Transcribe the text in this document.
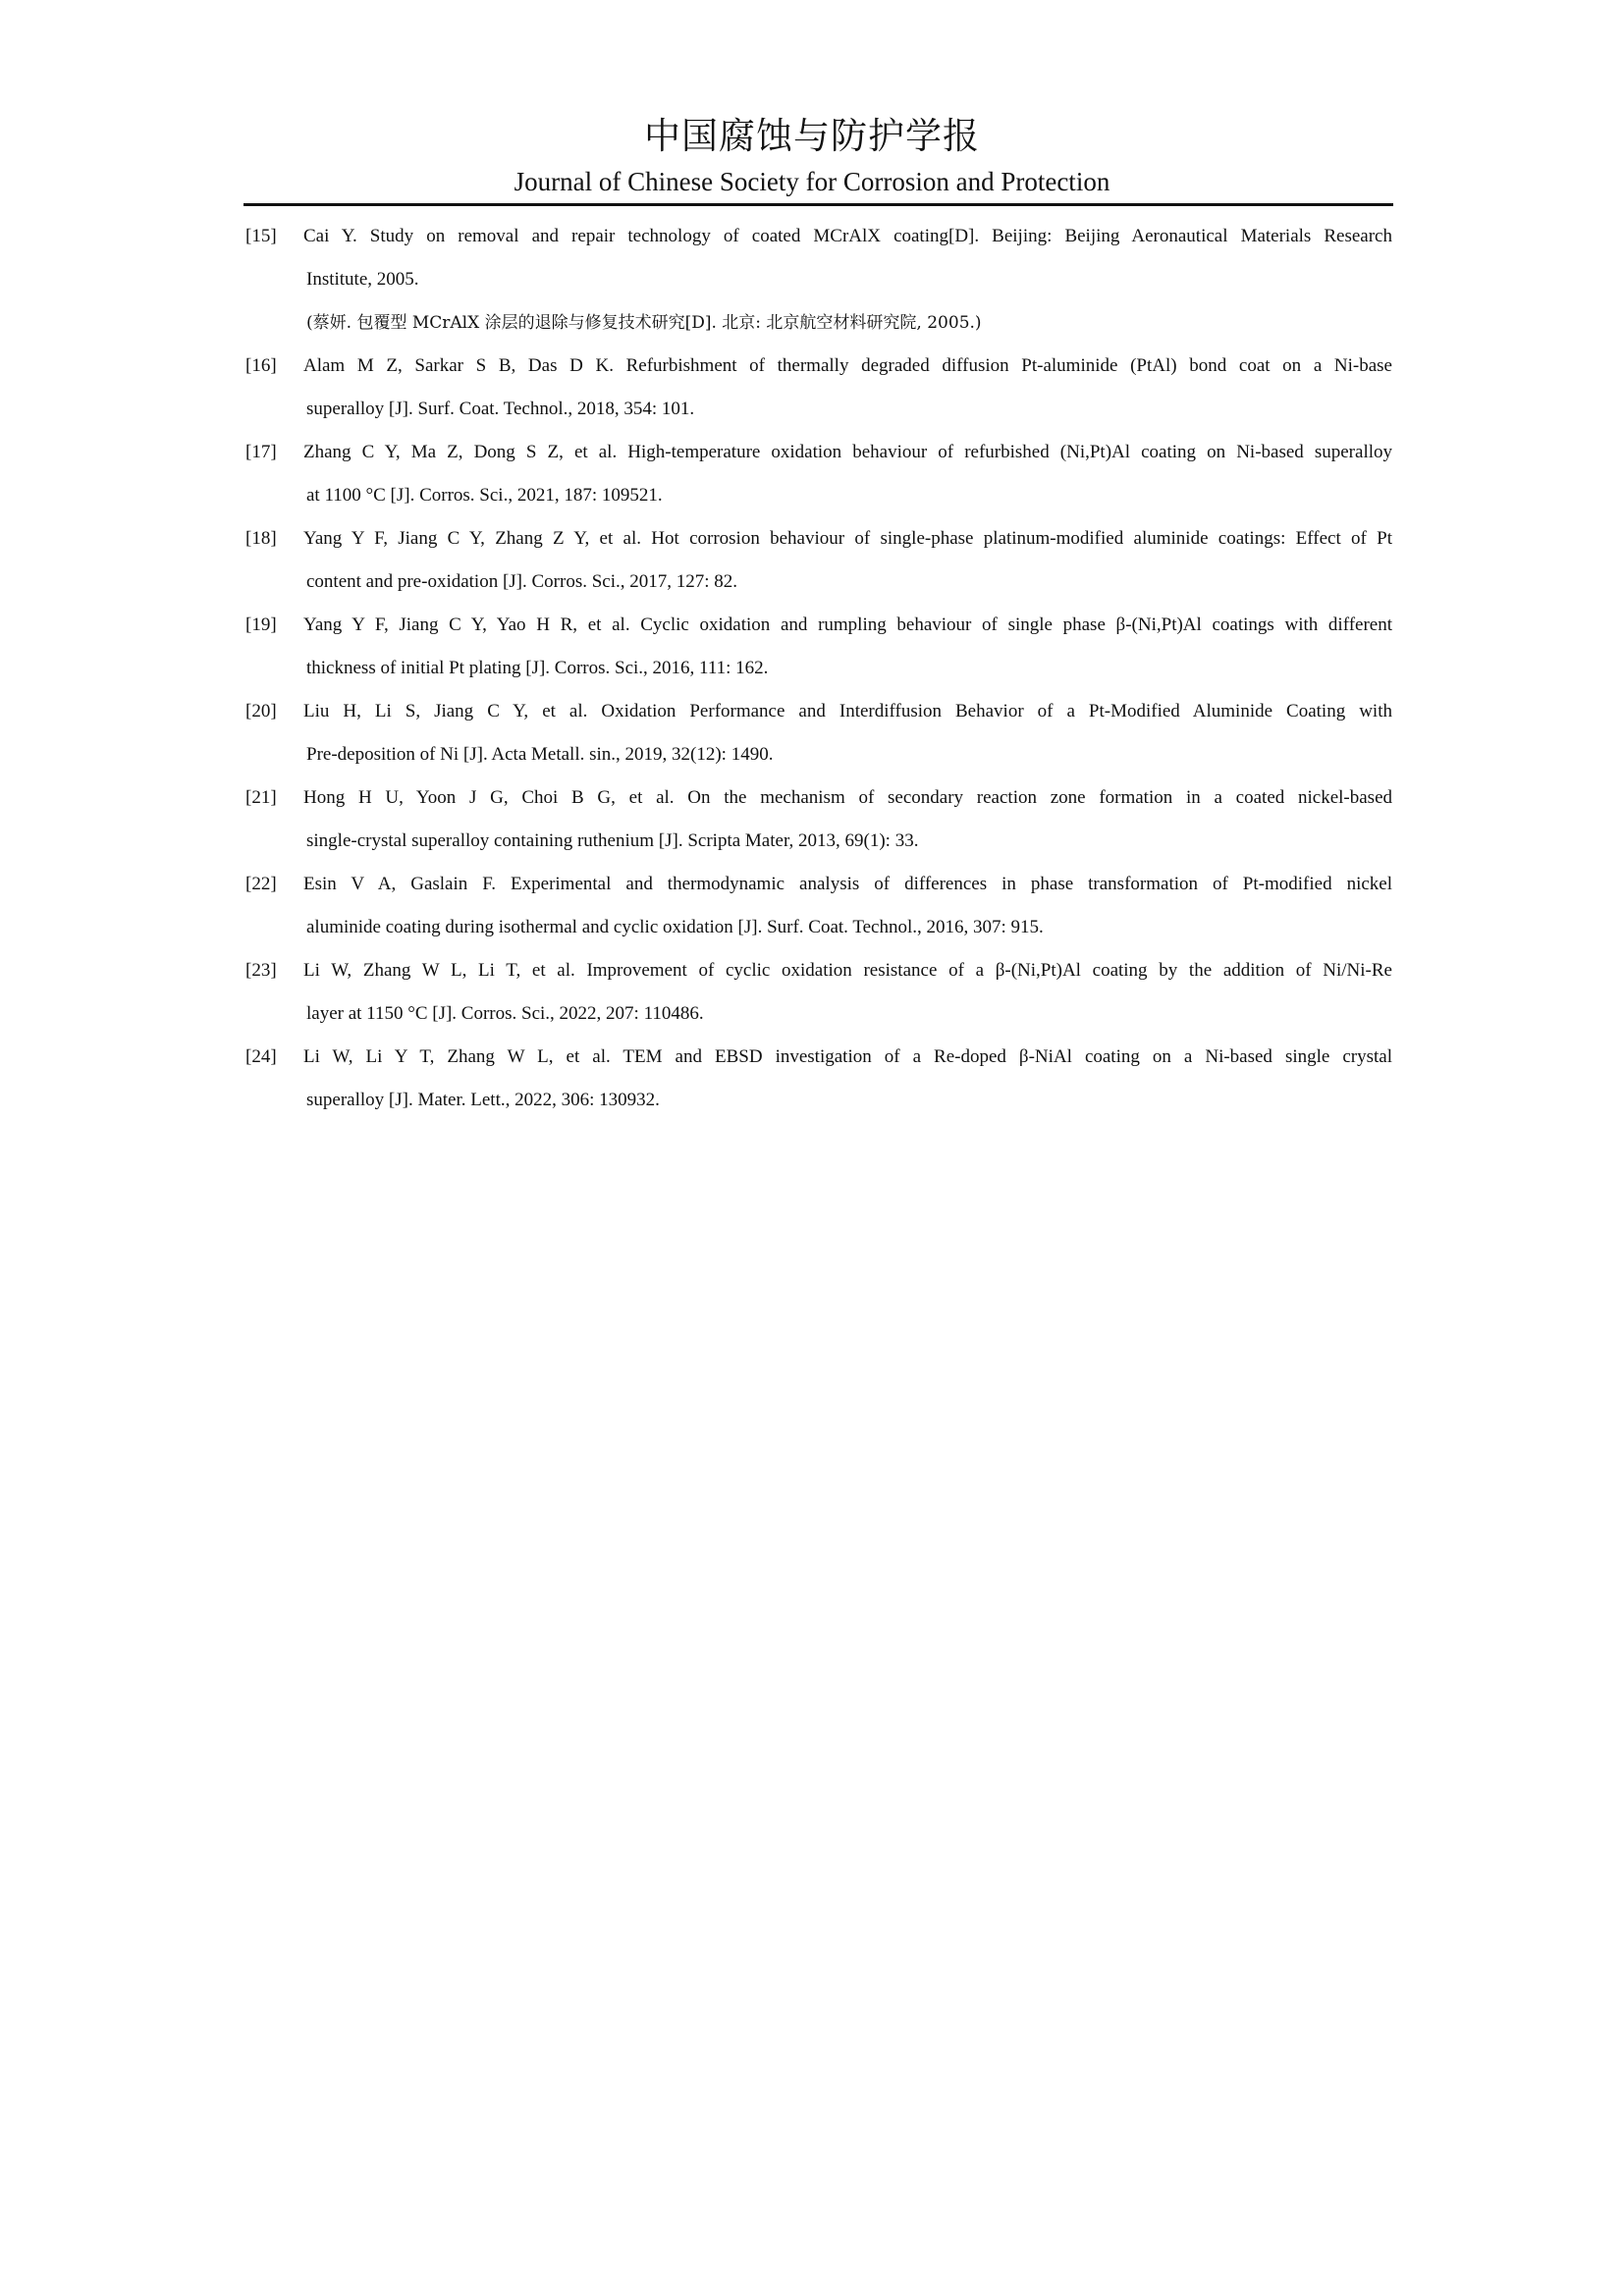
中国腐蚀与防护学报
Journal of Chinese Society for Corrosion and Protection
[15] Cai Y. Study on removal and repair technology of coated MCrAlX coating[D]. Beijing: Beijing Aeronautical Materials Research
Institute, 2005.
(蔡妍. 包覆型 MCrAlX 涂层的退除与修复技术研究[D]. 北京: 北京航空材料研究院, 2005.)
[16] Alam M Z, Sarkar S B, Das D K. Refurbishment of thermally degraded diffusion Pt-aluminide (PtAl) bond coat on a Ni-base
superalloy [J]. Surf. Coat. Technol., 2018, 354: 101.
[17] Zhang C Y, Ma Z, Dong S Z, et al. High-temperature oxidation behaviour of refurbished (Ni,Pt)Al coating on Ni-based superalloy
at 1100 °C [J]. Corros. Sci., 2021, 187: 109521.
[18] Yang Y F, Jiang C Y, Zhang Z Y, et al. Hot corrosion behaviour of single-phase platinum-modified aluminide coatings: Effect of Pt
content and pre-oxidation [J]. Corros. Sci., 2017, 127: 82.
[19] Yang Y F, Jiang C Y, Yao H R, et al. Cyclic oxidation and rumpling behaviour of single phase β-(Ni,Pt)Al coatings with different
thickness of initial Pt plating [J]. Corros. Sci., 2016, 111: 162.
[20] Liu H, Li S, Jiang C Y, et al. Oxidation Performance and Interdiffusion Behavior of a Pt-Modified Aluminide Coating with
Pre-deposition of Ni [J]. Acta Metall. sin., 2019, 32(12): 1490.
[21] Hong H U, Yoon J G, Choi B G, et al. On the mechanism of secondary reaction zone formation in a coated nickel-based
single-crystal superalloy containing ruthenium [J]. Scripta Mater, 2013, 69(1): 33.
[22] Esin V A, Gaslain F. Experimental and thermodynamic analysis of differences in phase transformation of Pt-modified nickel
aluminide coating during isothermal and cyclic oxidation [J]. Surf. Coat. Technol., 2016, 307: 915.
[23] Li W, Zhang W L, Li T, et al. Improvement of cyclic oxidation resistance of a β-(Ni,Pt)Al coating by the addition of Ni/Ni-Re
layer at 1150 °C [J]. Corros. Sci., 2022, 207: 110486.
[24] Li W, Li Y T, Zhang W L, et al. TEM and EBSD investigation of a Re-doped β-NiAl coating on a Ni-based single crystal
superalloy [J]. Mater. Lett., 2022, 306: 130932.
